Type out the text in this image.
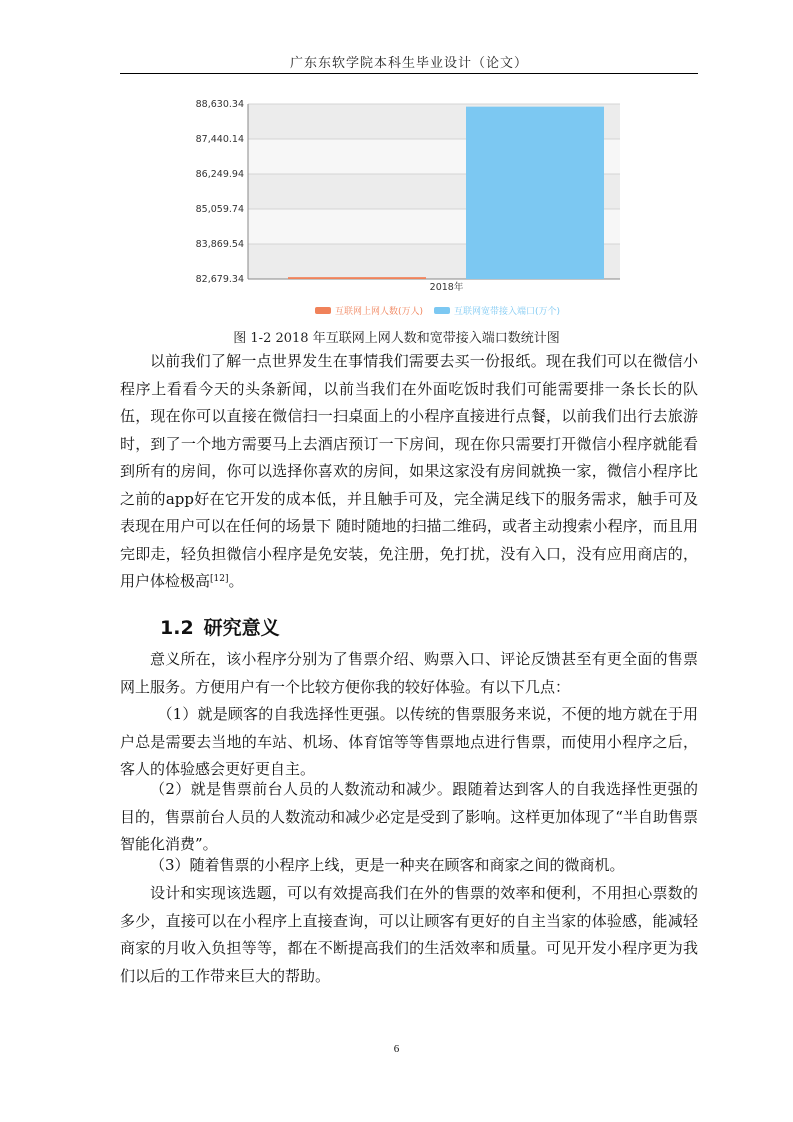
广东东软学院本科生毕业设计（论文）
82,679.34
83,869.54
85,059.74
86,249.94
87,440.14
88,630.34
2018年
互联网上网人数(万人)	互联网宽带接入端口(万个)
图 1-2 2018 年互联网上网人数和宽带接入端口数统计图

以前我们了解一点世界发生在事情我们需要去买一份报纸。现在我们可以在微信小程序上看看今天的头条新闻，以前当我们在外面吃饭时我们可能需要排一条长长的队伍，现在你可以直接在微信扫一扫桌面上的小程序直接进行点餐，以前我们出行去旅游时，到了一个地方需要马上去酒店预订一下房间，现在你只需要打开微信小程序就能看到所有的房间，你可以选择你喜欢的房间，如果这家没有房间就换一家，微信小程序比之前的app好在它开发的成本低，并且触手可及，完全满足线下的服务需求，触手可及表现在用户可以在任何的场景下 随时随地的扫描二维码，或者主动搜索小程序，而且用完即走，轻负担微信小程序是免安装，免注册，免打扰，没有入口，没有应用商店的，用户体检极高[12]。

1.2 研究意义

意义所在，该小程序分别为了售票介绍、购票入口、评论反馈甚至有更全面的售票网上服务。方便用户有一个比较方便你我的较好体验。有以下几点：

（1）就是顾客的自我选择性更强。以传统的售票服务来说，不便的地方就在于用户总是需要去当地的车站、机场、体育馆等等售票地点进行售票，而使用小程序之后，客人的体验感会更好更自主。

（2）就是售票前台人员的人数流动和减少。跟随着达到客人的自我选择性更强的目的，售票前台人员的人数流动和减少必定是受到了影响。这样更加体现了“半自助售票智能化消费”。

（3）随着售票的小程序上线，更是一种夹在顾客和商家之间的微商机。

设计和实现该选题，可以有效提高我们在外的售票的效率和便利，不用担心票数的多少，直接可以在小程序上直接查询，可以让顾客有更好的自主当家的体验感，能减轻商家的月收入负担等等，都在不断提高我们的生活效率和质量。可见开发小程序更为我们以后的工作带来巨大的帮助。

6
